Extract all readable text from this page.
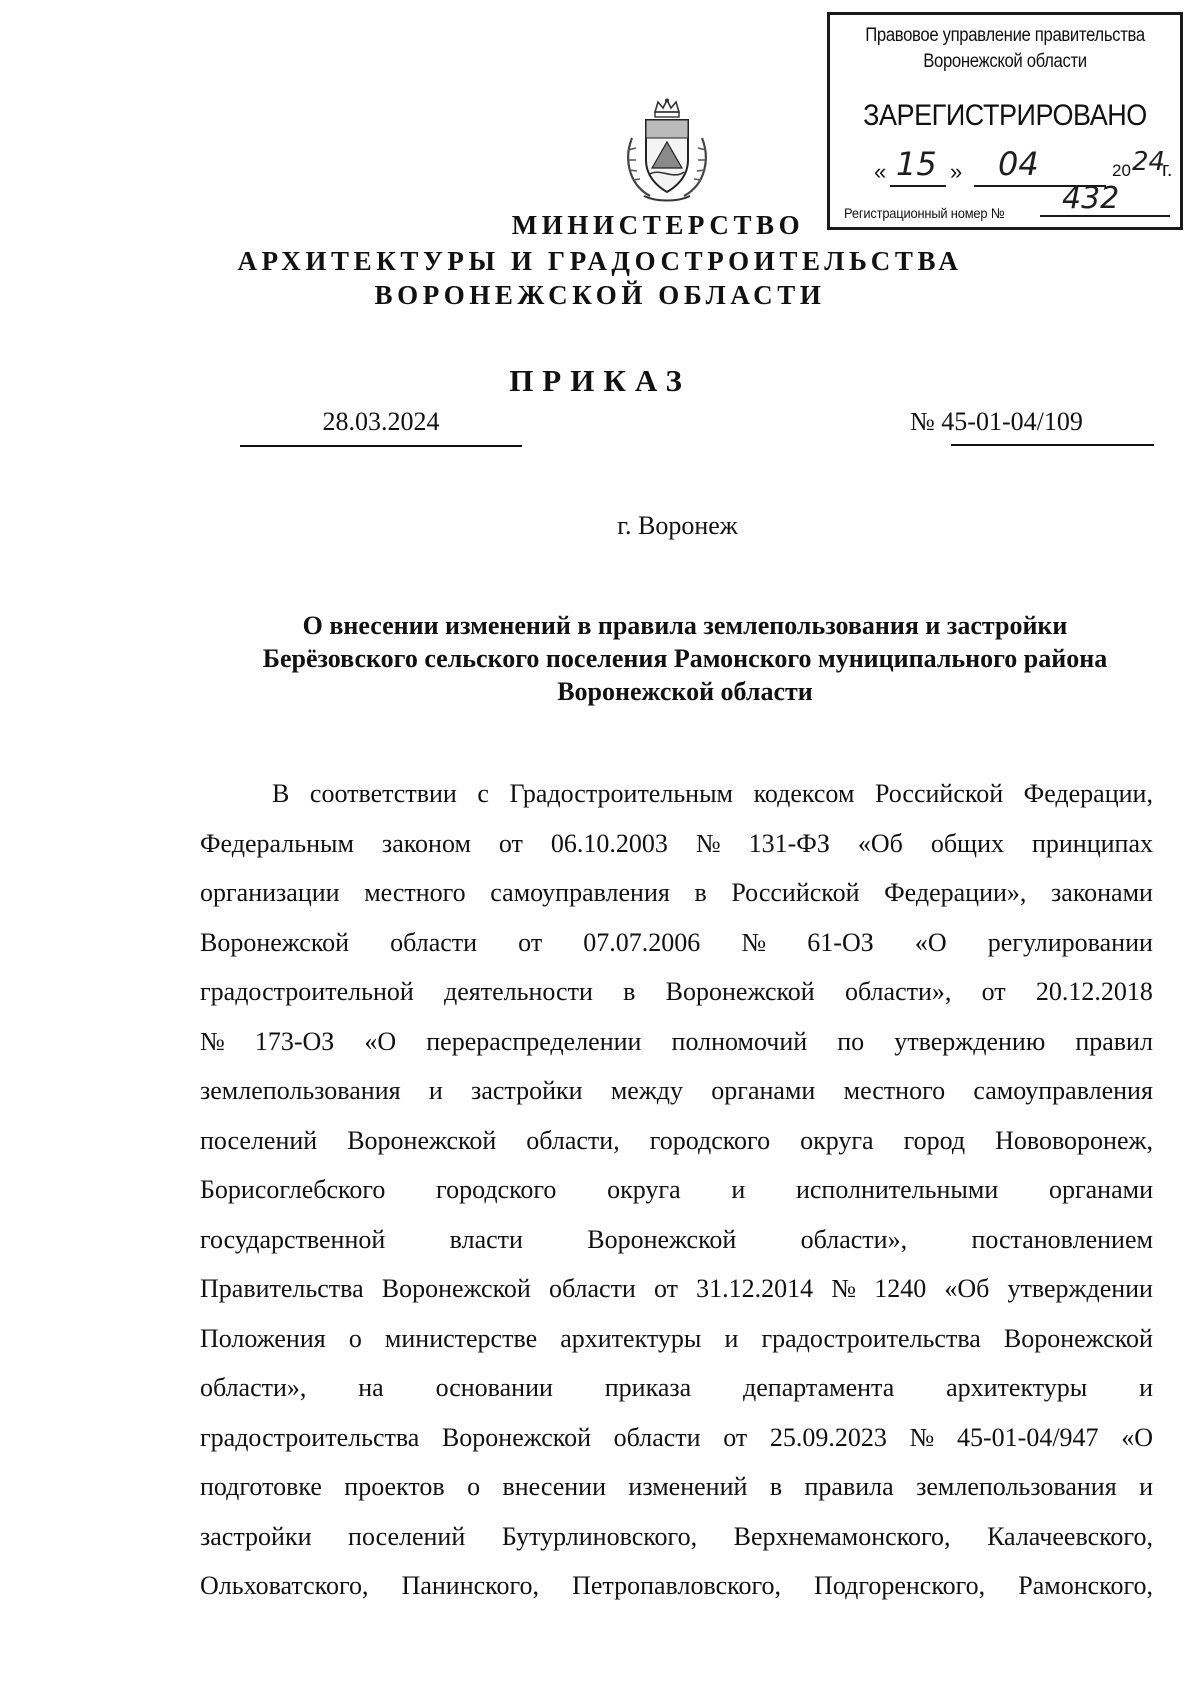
Правовое управление правительства
Воронежской области
ЗАРЕГИСТРИРОВАНО
« 15 » 04	20 24
г.
Регистрационный номер № 432
МИНИСТЕРСТВО
АРХИТЕКТУРЫ И ГРАДОСТРОИТЕЛЬСТВА
ВОРОНЕЖСКОЙ ОБЛАСТИ
ПРИКАЗ
28.03.2024	№ 45-01-04/109
г. Воронеж
О внесении изменений в правила землепользования и застройки
Берёзовского сельского поселения Рамонского муниципального района
Воронежской области
В соответствии с Градостроительным кодексом Российской Федерации,
Федеральным законом от 06.10.2003 № 131-ФЗ «Об общих принципах
организации местного самоуправления в Российской Федерации», законами
Воронежской области от 07.07.2006 № 61-ОЗ «О регулировании
градостроительной деятельности в Воронежской области», от 20.12.2018
№ 173-ОЗ «О перераспределении полномочий по утверждению правил
землепользования и застройки между органами местного самоуправления
поселений Воронежской области, городского округа город Нововоронеж,
Борисоглебского городского округа и исполнительными органами
государственной власти Воронежской области», постановлением
Правительства Воронежской области от 31.12.2014 № 1240 «Об утверждении
Положения о министерстве архитектуры и градостроительства Воронежской
области», на основании приказа департамента архитектуры и
градостроительства Воронежской области от 25.09.2023 № 45-01-04/947 «О
подготовке проектов о внесении изменений в правила землепользования и
застройки поселений Бутурлиновского, Верхнемамонского, Калачеевского,
Ольховатского, Панинского, Петропавловского, Подгоренского, Рамонского,
